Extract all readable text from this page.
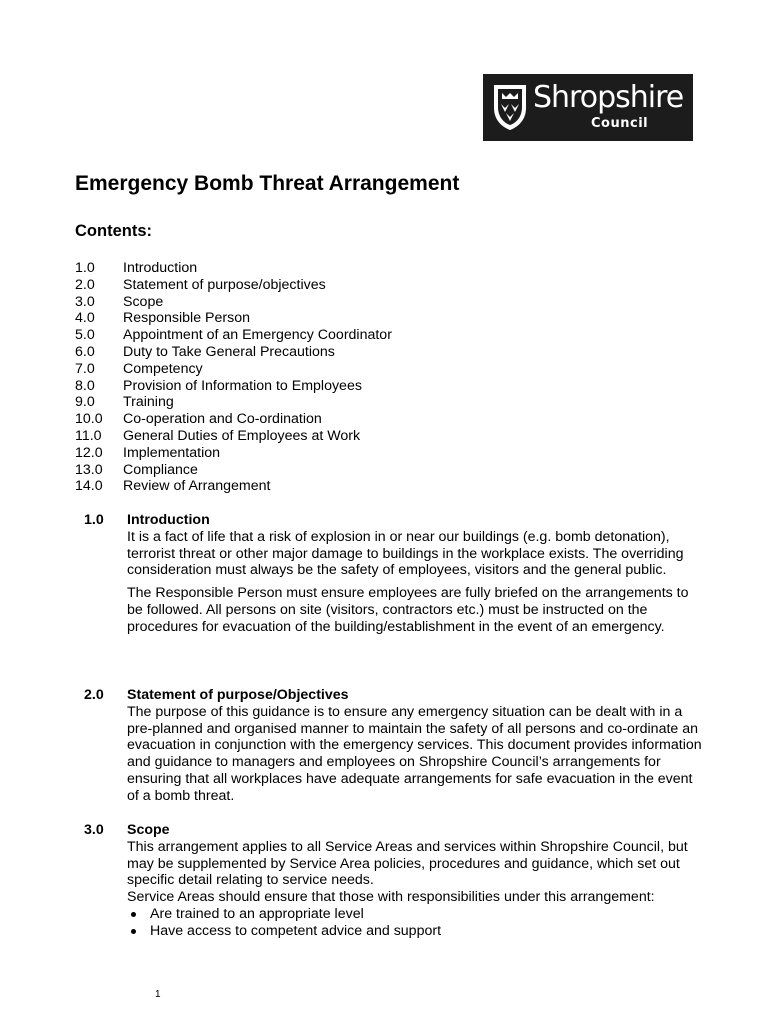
Shropshire
Council
Emergency Bomb Threat Arrangement
Contents:
1.0	Introduction
2.0	Statement of purpose/objectives
3.0	Scope
4.0	Responsible Person
5.0	Appointment of an Emergency Coordinator
6.0	Duty to Take General Precautions
7.0	Competency
8.0	Provision of Information to Employees
9.0	Training
10.0	Co-operation and Co-ordination
11.0	General Duties of Employees at Work
12.0	Implementation
13.0	Compliance
14.0	Review of Arrangement
1.0 Introduction

It is a fact of life that a risk of explosion in or near our buildings (e.g. bomb detonation), terrorist threat or other major damage to buildings in the workplace exists. The overriding consideration must always be the safety of employees, visitors and the general public.

The Responsible Person must ensure employees are fully briefed on the arrangements to be followed. All persons on site (visitors, contractors etc.) must be instructed on the procedures for evacuation of the building/establishment in the event of an emergency.

2.0 Statement of purpose/Objectives

The purpose of this guidance is to ensure any emergency situation can be dealt with in a pre-planned and organised manner to maintain the safety of all persons and co-ordinate an evacuation in conjunction with the emergency services. This document provides information and guidance to managers and employees on Shropshire Council’s arrangements for ensuring that all workplaces have adequate arrangements for safe evacuation in the event of a bomb threat.

3.0 Scope
This arrangement applies to all Service Areas and services within Shropshire Council, but may be supplemented by Service Area policies, procedures and guidance, which set out specific detail relating to service needs.
Service Areas should ensure that those with responsibilities under this arrangement:
Are trained to an appropriate level
Have access to competent advice and support
1
